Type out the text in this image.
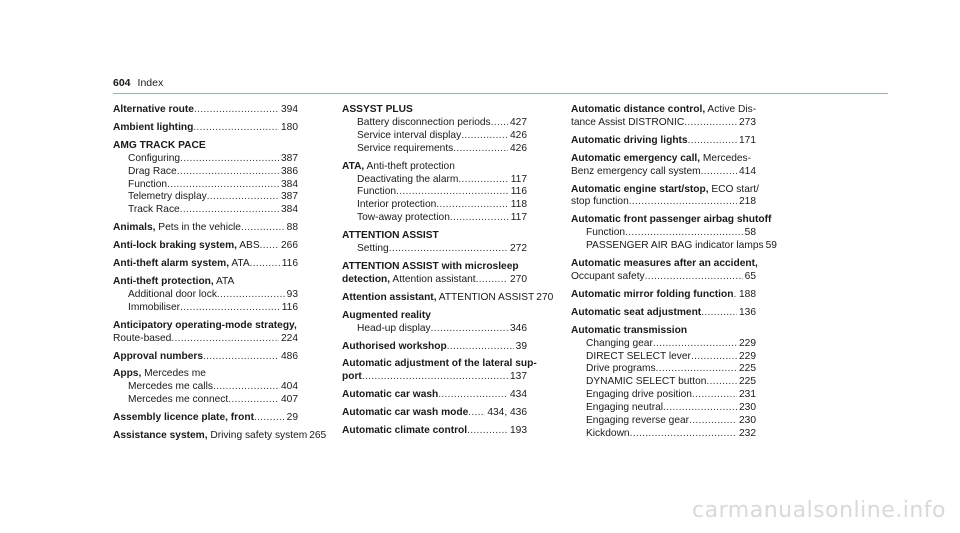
604 Index
Alternative route .....	394
Ambient lighting .....	180
AMG TRACK PACE
Configuring .....	387
Drag Race .....	386
Function .....	384
Telemetry display .....	387
Track Race .....	384
Animals, Pets in the vehicle .....	88
Anti-lock braking system, ABS ..... 266
Anti-theft alarm system, ATA .....	116
Anti-theft protection, ATA
Additional door lock .....	93
Immobiliser .....	116
Anticipatory operating-mode strategy,
Route-based .....	224
Approval numbers .....	486
Apps, Mercedes me
Mercedes me calls .....	404
Mercedes me connect .....	407
Assembly licence plate, front .....	29
Assistance system, Driving safety system 265
ASSYST PLUS
Battery disconnection periods ..... 427
Service interval display .....	426
Service requirements .....	426
ATA, Anti-theft protection
Deactivating the alarm .....	117
Function .....	116
Interior protection .....	118
Tow-away protection .....	117
ATTENTION ASSIST
Setting .....	272
ATTENTION ASSIST with microsleep
detection, Attention assistant .....	270
Attention assistant, ATTENTION ASSIST 270
Augmented reality
Head-up display .....	346
Authorised workshop .....	39
Automatic adjustment of the lateral sup-
port .....	137
Automatic car wash .....	434
Automatic car wash mode ..... 434, 436
Automatic climate control .....	193
Automatic distance control, Active Dis-
tance Assist DISTRONIC .....	273
Automatic driving lights .....	171
Automatic emergency call, Mercedes-
Benz emergency call system .....	414
Automatic engine start/stop, ECO start/
stop function .....	218
Automatic front passenger airbag shutoff
Function .....	58
PASSENGER AIR BAG indicator lamps 59
Automatic measures after an accident,
Occupant safety .....	65
Automatic mirror folding function ..... 188
Automatic seat adjustment .....	136
Automatic transmission
Changing gear .....	229
DIRECT SELECT lever .....	229
Drive programs .....	225
DYNAMIC SELECT button .....	225
Engaging drive position .....	231
Engaging neutral .....	230
Engaging reverse gear .....	230
Kickdown .....	232
carmanualsonline.info
